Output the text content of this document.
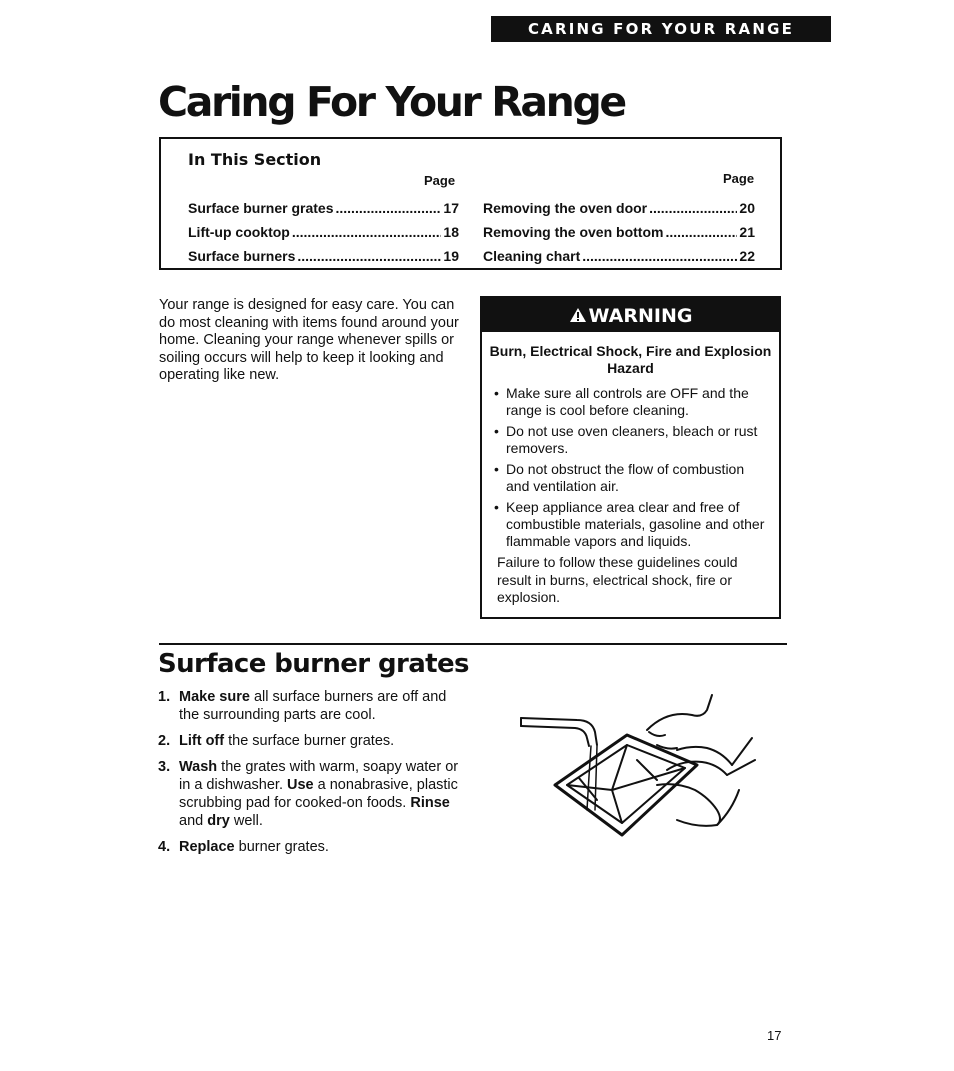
CARING FOR YOUR RANGE
Caring For Your Range
In This Section
Page	Page
Surface burner grates .....	17
Lift-up cooktop .....	18
Surface burners .....	19
Removing the oven door .....	20
Removing the oven bottom .....	21
Cleaning chart .....	22
Your range is designed for easy care. You can do most cleaning with items found around your home. Cleaning your range whenever spills or soiling occurs will help to keep it looking and operating like new.
WARNING
Burn, Electrical Shock, Fire and Explosion Hazard
• Make sure all controls are OFF and the range is cool before cleaning.
• Do not use oven cleaners, bleach or rust removers.
• Do not obstruct the flow of combustion and ventilation air.
• Keep appliance area clear and free of combustible materials, gasoline and other flammable vapors and liquids.
Failure to follow these guidelines could result in burns, electrical shock, fire or explosion.
Surface burner grates
1. Make sure all surface burners are off and the surrounding parts are cool.
2. Lift off the surface burner grates.
3. Wash the grates with warm, soapy water or in a dishwasher. Use a nonabrasive, plastic scrubbing pad for cooked-on foods. Rinse and dry well.
4. Replace burner grates.
17
